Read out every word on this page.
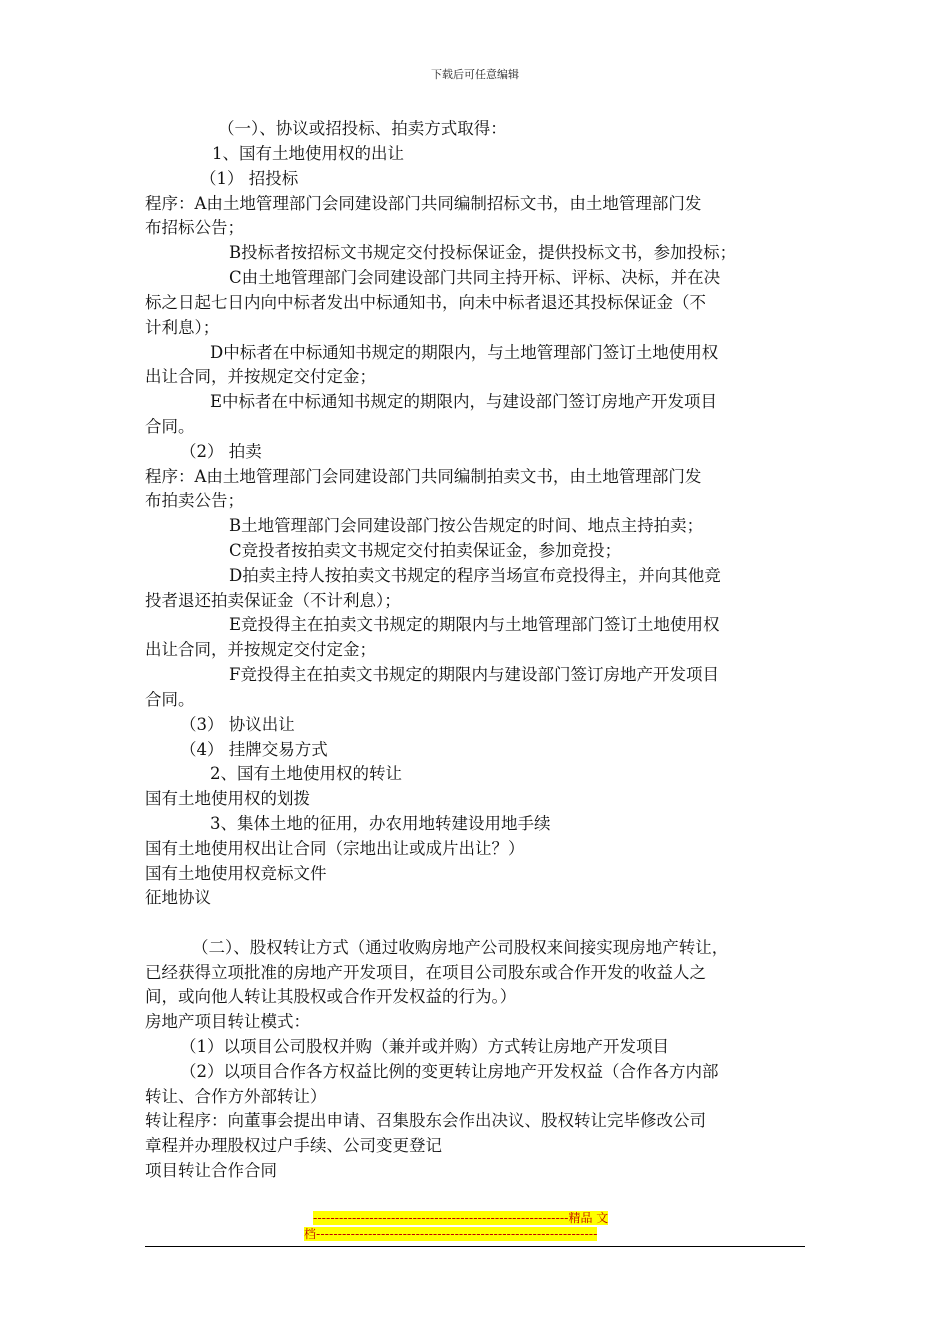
下载后可任意编辑
（一）、协议或招投标、拍卖方式取得：
1、国有土地使用权的出让
（1） 招投标
程序：A由土地管理部门会同建设部门共同编制招标文书，由土地管理部门发
布招标公告；
B投标者按招标文书规定交付投标保证金，提供投标文书，参加投标；
C由土地管理部门会同建设部门共同主持开标、评标、决标，并在决
标之日起七日内向中标者发出中标通知书，向未中标者退还其投标保证金（不
计利息）；
D中标者在中标通知书规定的期限内，与土地管理部门签订土地使用权
出让合同，并按规定交付定金；
E中标者在中标通知书规定的期限内，与建设部门签订房地产开发项目
合同。
（2） 拍卖
程序：A由土地管理部门会同建设部门共同编制拍卖文书，由土地管理部门发
布拍卖公告；
B土地管理部门会同建设部门按公告规定的时间、地点主持拍卖；
C竞投者按拍卖文书规定交付拍卖保证金，参加竞投；
D拍卖主持人按拍卖文书规定的程序当场宣布竞投得主，并向其他竞
投者退还拍卖保证金（不计利息）；
E竞投得主在拍卖文书规定的期限内与土地管理部门签订土地使用权
出让合同，并按规定交付定金；
F竞投得主在拍卖文书规定的期限内与建设部门签订房地产开发项目
合同。
（3） 协议出让
（4） 挂牌交易方式
2、国有土地使用权的转让
国有土地使用权的划拨
3、集体土地的征用，办农用地转建设用地手续
国有土地使用权出让合同（宗地出让或成片出让？）
国有土地使用权竞标文件
征地协议
（二）、股权转让方式（通过收购房地产公司股权来间接实现房地产转让，
已经获得立项批准的房地产开发项目，在项目公司股东或合作开发的收益人之
间，或向他人转让其股权或合作开发权益的行为。）
房地产项目转让模式：
（1）以项目公司股权并购（兼并或并购）方式转让房地产开发项目
（2）以项目合作各方权益比例的变更转让房地产开发权益（合作各方内部
转让、合作方外部转让）
转让程序：向董事会提出申请、召集股东会作出决议、股权转让完毕修改公司
章程并办理股权过户手续、公司变更登记
项目转让合作合同
-----------------------------------------------------------精品 文
档-----------------------------------------------------------------
